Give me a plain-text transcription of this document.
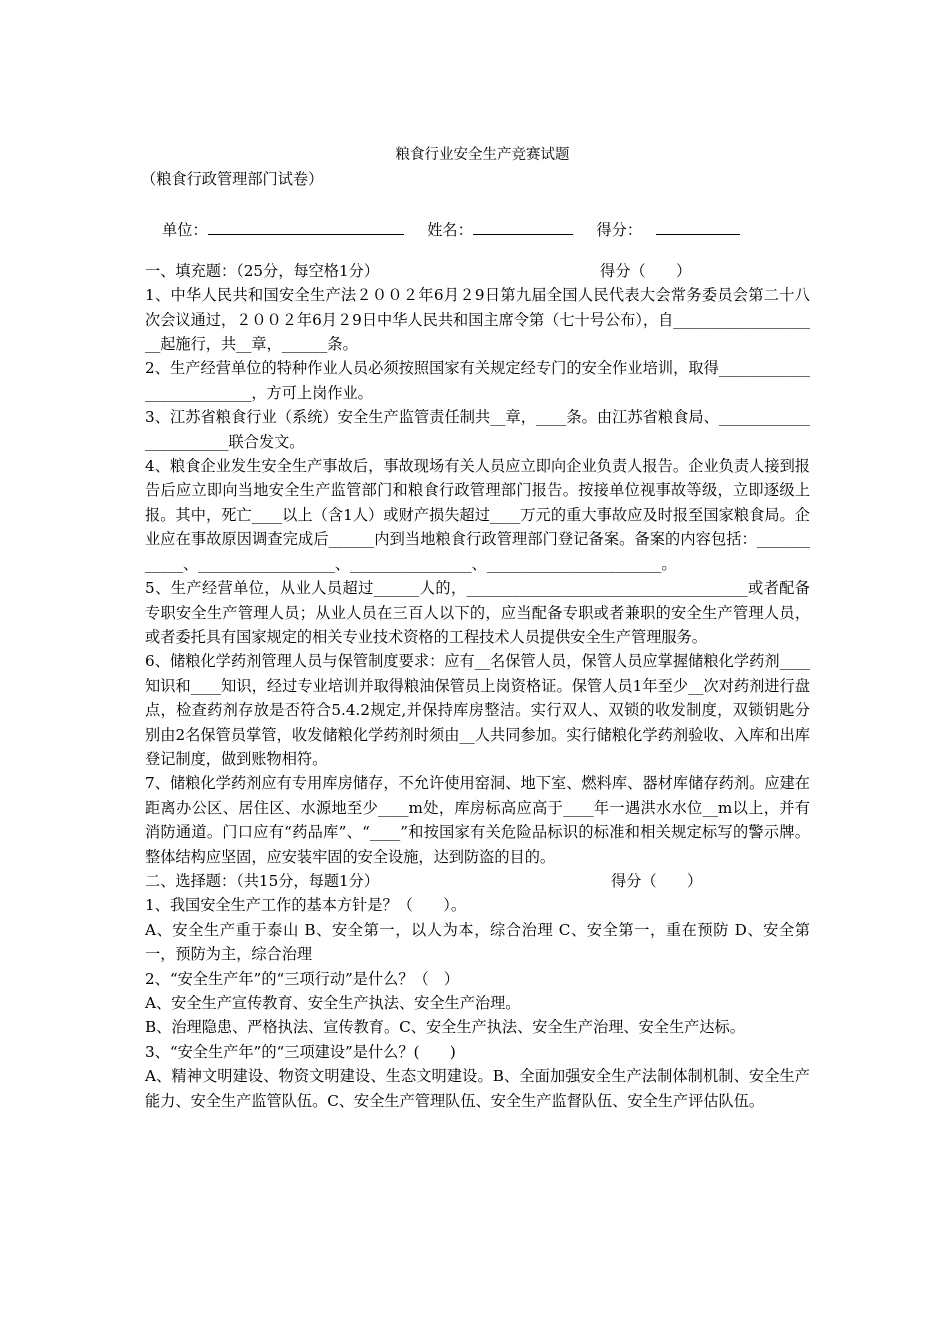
粮食行业安全生产竞赛试题
（粮食行政管理部门试卷）
单位：	姓名：	得分：
一、填充题：（25分，每空格1分）	得分（　　）

1、中华人民共和国安全生产法２００２年6月２9日第九届全国人民代表大会常务委员会第二十八次会议通过，２００２年6月２9日中华人民共和国主席令第（七十号公布），自____________________起施行，共__章，______条。

2、生产经营单位的特种作业人员必须按照国家有关规定经专门的安全作业培训，取得__________________________，方可上岗作业。

3、江苏省粮食行业（系统）安全生产监管责任制共__章，____条。由江苏省粮食局、_______________________联合发文。

4、粮食企业发生安全生产事故后，事故现场有关人员应立即向企业负责人报告。企业负责人接到报告后应立即向当地安全生产监管部门和粮食行政管理部门报告。按接单位视事故等级，立即逐级上报。其中，死亡____以上（含1人）或财产损失超过____万元的重大事故应及时报至国家粮食局。企业应在事故原因调查完成后______内到当地粮食行政管理部门登记备案。备案的内容包括：____________、__________________、________________、_______________________。

5、生产经营单位，从业人员超过______人的，_____________________________________或者配备专职安全生产管理人员；从业人员在三百人以下的，应当配备专职或者兼职的安全生产管理人员，或者委托具有国家规定的相关专业技术资格的工程技术人员提供安全生产管理服务。

6、储粮化学药剂管理人员与保管制度要求：应有__名保管人员，保管人员应掌握储粮化学药剂____知识和____知识，经过专业培训并取得粮油保管员上岗资格证。保管人员1年至少__次对药剂进行盘点，检查药剂存放是否符合5.4.2规定,并保持库房整洁。实行双人、双锁的收发制度，双锁钥匙分别由2名保管员掌管，收发储粮化学药剂时须由__人共同参加。实行储粮化学药剂验收、入库和出库登记制度，做到账物相符。

7、储粮化学药剂应有专用库房储存，不允许使用窑洞、地下室、燃料库、器材库储存药剂。应建在距离办公区、居住区、水源地至少____m处，库房标高应高于____年一遇洪水水位__m以上，并有消防通道。门口应有“药品库”、“____”和按国家有关危险品标识的标准和相关规定标写的警示牌。整体结构应坚固，应安装牢固的安全设施，达到防盗的目的。

二、选择题：（共15分，每题1分）	得分（　　）

1、我国安全生产工作的基本方针是？（　　）。

A、安全生产重于泰山 B、安全第一，以人为本，综合治理 C、安全第一，重在预防 D、安全第一，预防为主，综合治理

2、“安全生产年”的“三项行动”是什么？（　）

A、安全生产宣传教育、安全生产执法、安全生产治理。

B、治理隐患、严格执法、宣传教育。C、安全生产执法、安全生产治理、安全生产达标。

3、“安全生产年”的“三项建设”是什么？(　　)

A、精神文明建设、物资文明建设、生态文明建设。B、全面加强安全生产法制体制机制、安全生产能力、安全生产监管队伍。C、安全生产管理队伍、安全生产监督队伍、安全生产评估队伍。
